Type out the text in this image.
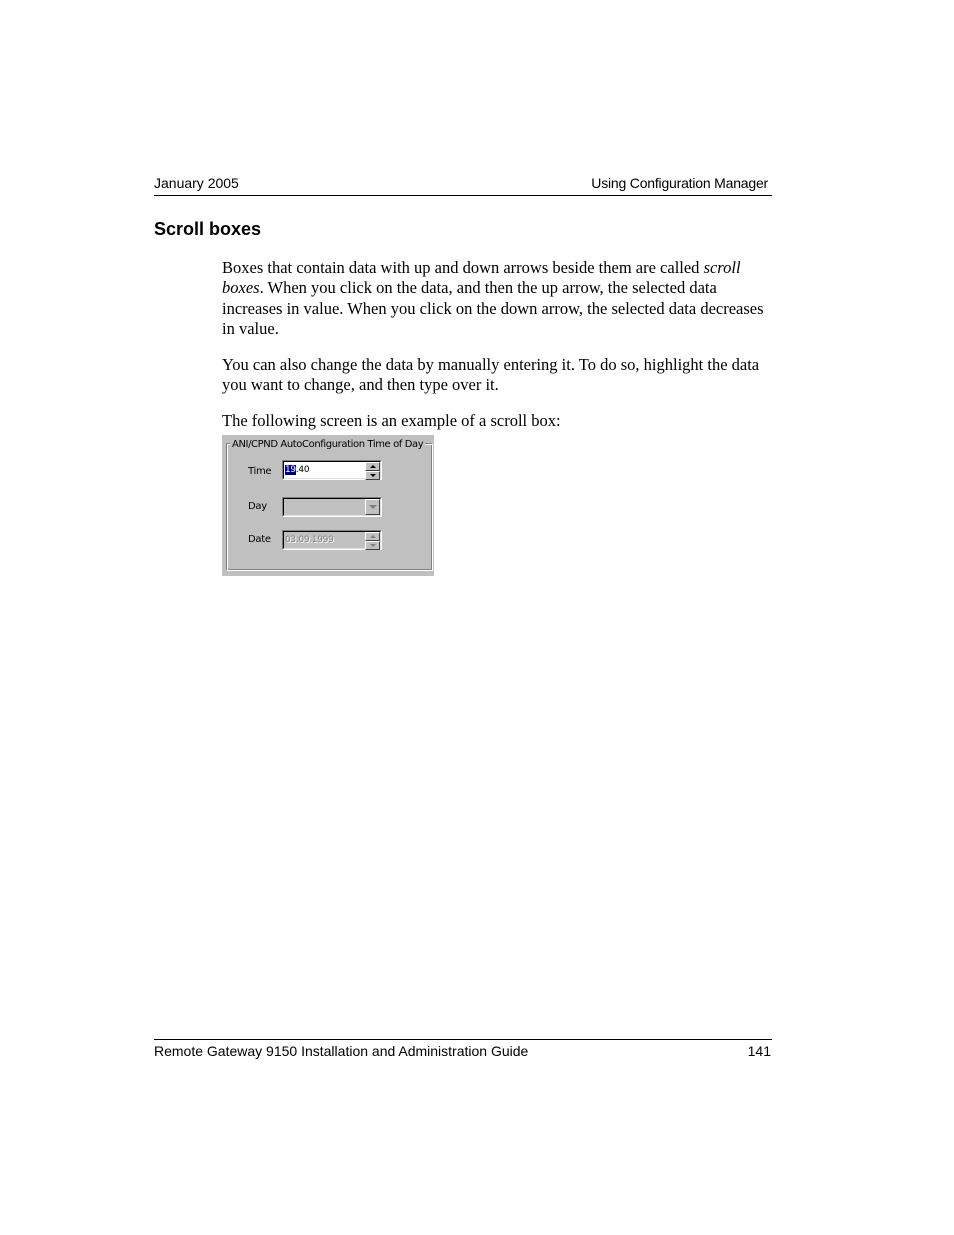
January 2005	Using Configuration Manager
Scroll boxes

Boxes that contain data with up and down arrows beside them are called scroll boxes. When you click on the data, and then the up arrow, the selected data increases in value. When you click on the down arrow, the selected data decreases in value.

You can also change the data by manually entering it. To do so, highlight the data you want to change, and then type over it.

The following screen is an example of a scroll box:

ANI/CPND AutoConfiguration Time of Day
Time 19.40
Day
Date 03.09.1999
Remote Gateway 9150 Installation and Administration Guide	141
